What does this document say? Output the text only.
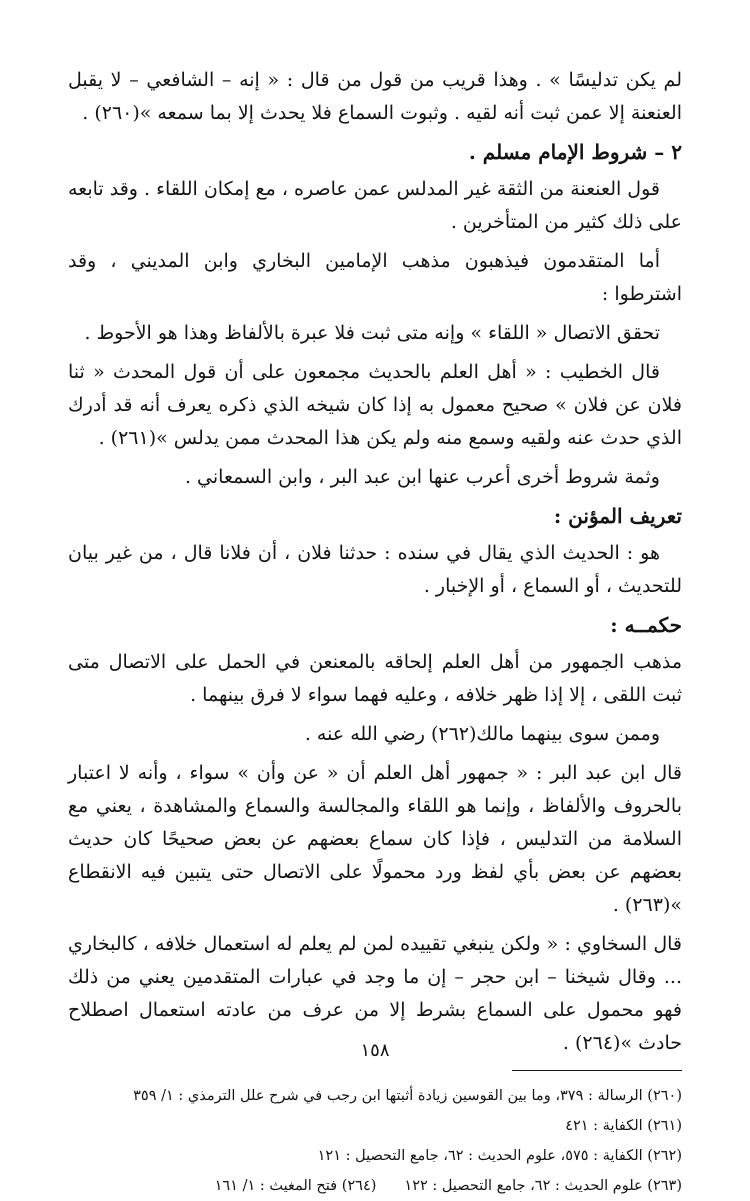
لم يكن تدليسًا » . وهذا قريب من قول من قال : « إنه – الشافعي – لا يقبل العنعنة إلا عمن ثبت أنه لقيه . وثبوت السماع فلا يحدث إلا بما سمعه »(٢٦٠) .

٢ – شروط الإمام مسلم .

قول العنعنة من الثقة غير المدلس عمن عاصره ، مع إمكان اللقاء . وقد تابعه على ذلك كثير من المتأخرين .

أما المتقدمون فيذهبون مذهب الإمامين البخاري وابن المديني ، وقد اشترطوا :

تحقق الاتصال « اللقاء » وإنه متى ثبت فلا عبرة بالألفاظ وهذا هو الأحوط .

قال الخطيب : « أهل العلم بالحديث مجمعون على أن قول المحدث « ثنا فلان عن فلان » صحيح معمول به إذا كان شيخه الذي ذكره يعرف أنه قد أدرك الذي حدث عنه ولقيه وسمع منه ولم يكن هذا المحدث ممن يدلس »(٢٦١) .

وثمة شروط أخرى أعرب عنها ابن عبد البر ، وابن السمعاني .

تعريف المؤنن :

هو : الحديث الذي يقال في سنده : حدثنا فلان ، أن فلانا قال ، من غير بيان للتحديث ، أو السماع ، أو الإخبار .

حكمــه :

مذهب الجمهور من أهل العلم إلحاقه بالمعنعن في الحمل على الاتصال متى ثبت اللقى ، إلا إذا ظهر خلافه ، وعليه فهما سواء لا فرق بينهما .

وممن سوى بينهما مالك(٢٦٢) رضي الله عنه .

قال ابن عبد البر : « جمهور أهل العلم أن « عن وأن » سواء ، وأنه لا اعتبار بالحروف والألفاظ ، وإنما هو اللقاء والمجالسة والسماع والمشاهدة ، يعني مع السلامة من التدليس ، فإذا كان سماع بعضهم عن بعض صحيحًا كان حديث بعضهم عن بعض بأي لفظ ورد محمولًا على الاتصال حتى يتبين فيه الانقطاع »(٢٦٣) .

قال السخاوي : « ولكن ينبغي تقييده لمن لم يعلم له استعمال خلافه ، كالبخاري ... وقال شيخنا – ابن حجر – إن ما وجد في عبارات المتقدمين يعني من ذلك فهو محمول على السماع بشرط إلا من عرف من عادته استعمال اصطلاح حادث »(٢٦٤) .

(٢٦٠) الرسالة : ٣٧٩، وما بين القوسين زيادة أثبتها ابن رجب في شرح علل الترمذي : ١/ ٣٥٩

(٢٦١) الكفاية : ٤٢١

(٢٦٢) الكفاية : ٥٧٥، علوم الحديث : ٦٢، جامع التحصيل : ١٢١

(٢٦٣) علوم الحديث : ٦٢، جامع التحصيل : ١٢٢
(٢٦٤) فتح المغيث : ١/ ١٦١
١٥٨
